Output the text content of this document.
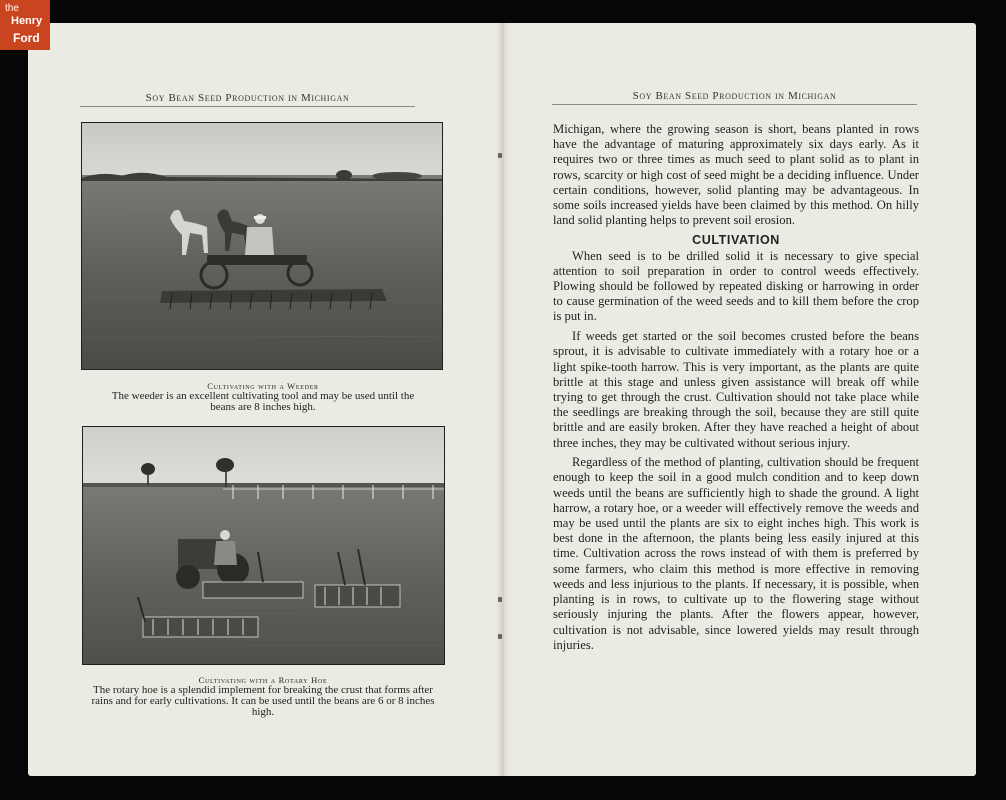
the
Henry
Ford
Soy Bean Seed Production in Michigan
Cultivating with a Weeder
The weeder is an excellent cultivating tool and may be used until the beans are 8 inches high.
Cultivating with a Rotary Hoe
The rotary hoe is a splendid implement for breaking the crust that forms after rains and for early cultivations. It can be used until the beans are 6 or 8 inches high.
Soy Bean Seed Production in Michigan

Michigan, where the growing season is short, beans planted in rows have the advantage of maturing approximately six days early. As it requires two or three times as much seed to plant solid as to plant in rows, scarcity or high cost of seed might be a deciding influence. Under certain conditions, however, solid planting may be advantageous. In some soils increased yields have been claimed by this method. On hilly land solid planting helps to prevent soil erosion.

CULTIVATION

When seed is to be drilled solid it is necessary to give special attention to soil preparation in order to control weeds effectively. Plowing should be followed by repeated disking or harrowing in order to cause germination of the weed seeds and to kill them before the crop is put in.

If weeds get started or the soil becomes crusted before the beans sprout, it is advisable to cultivate immediately with a rotary hoe or a light spike-tooth harrow. This is very important, as the plants are quite brittle at this stage and unless given assistance will break off while trying to get through the crust. Cultivation should not take place while the seedlings are breaking through the soil, because they are still quite brittle and are easily broken. After they have reached a height of about three inches, they may be cultivated without serious injury.

Regardless of the method of planting, cultivation should be frequent enough to keep the soil in a good mulch condition and to keep down weeds until the beans are sufficiently high to shade the ground. A light harrow, a rotary hoe, or a weeder will effectively remove the weeds and may be used until the plants are six to eight inches high. This work is best done in the afternoon, the plants being less easily injured at this time. Cultivation across the rows instead of with them is preferred by some farmers, who claim this method is more effective in removing weeds and less injurious to the plants. If necessary, it is possible, when planting is in rows, to cultivate up to the flowering stage without seriously injuring the plants. After the flowers appear, however, cultivation is not advisable, since lowered yields may result through injuries.
